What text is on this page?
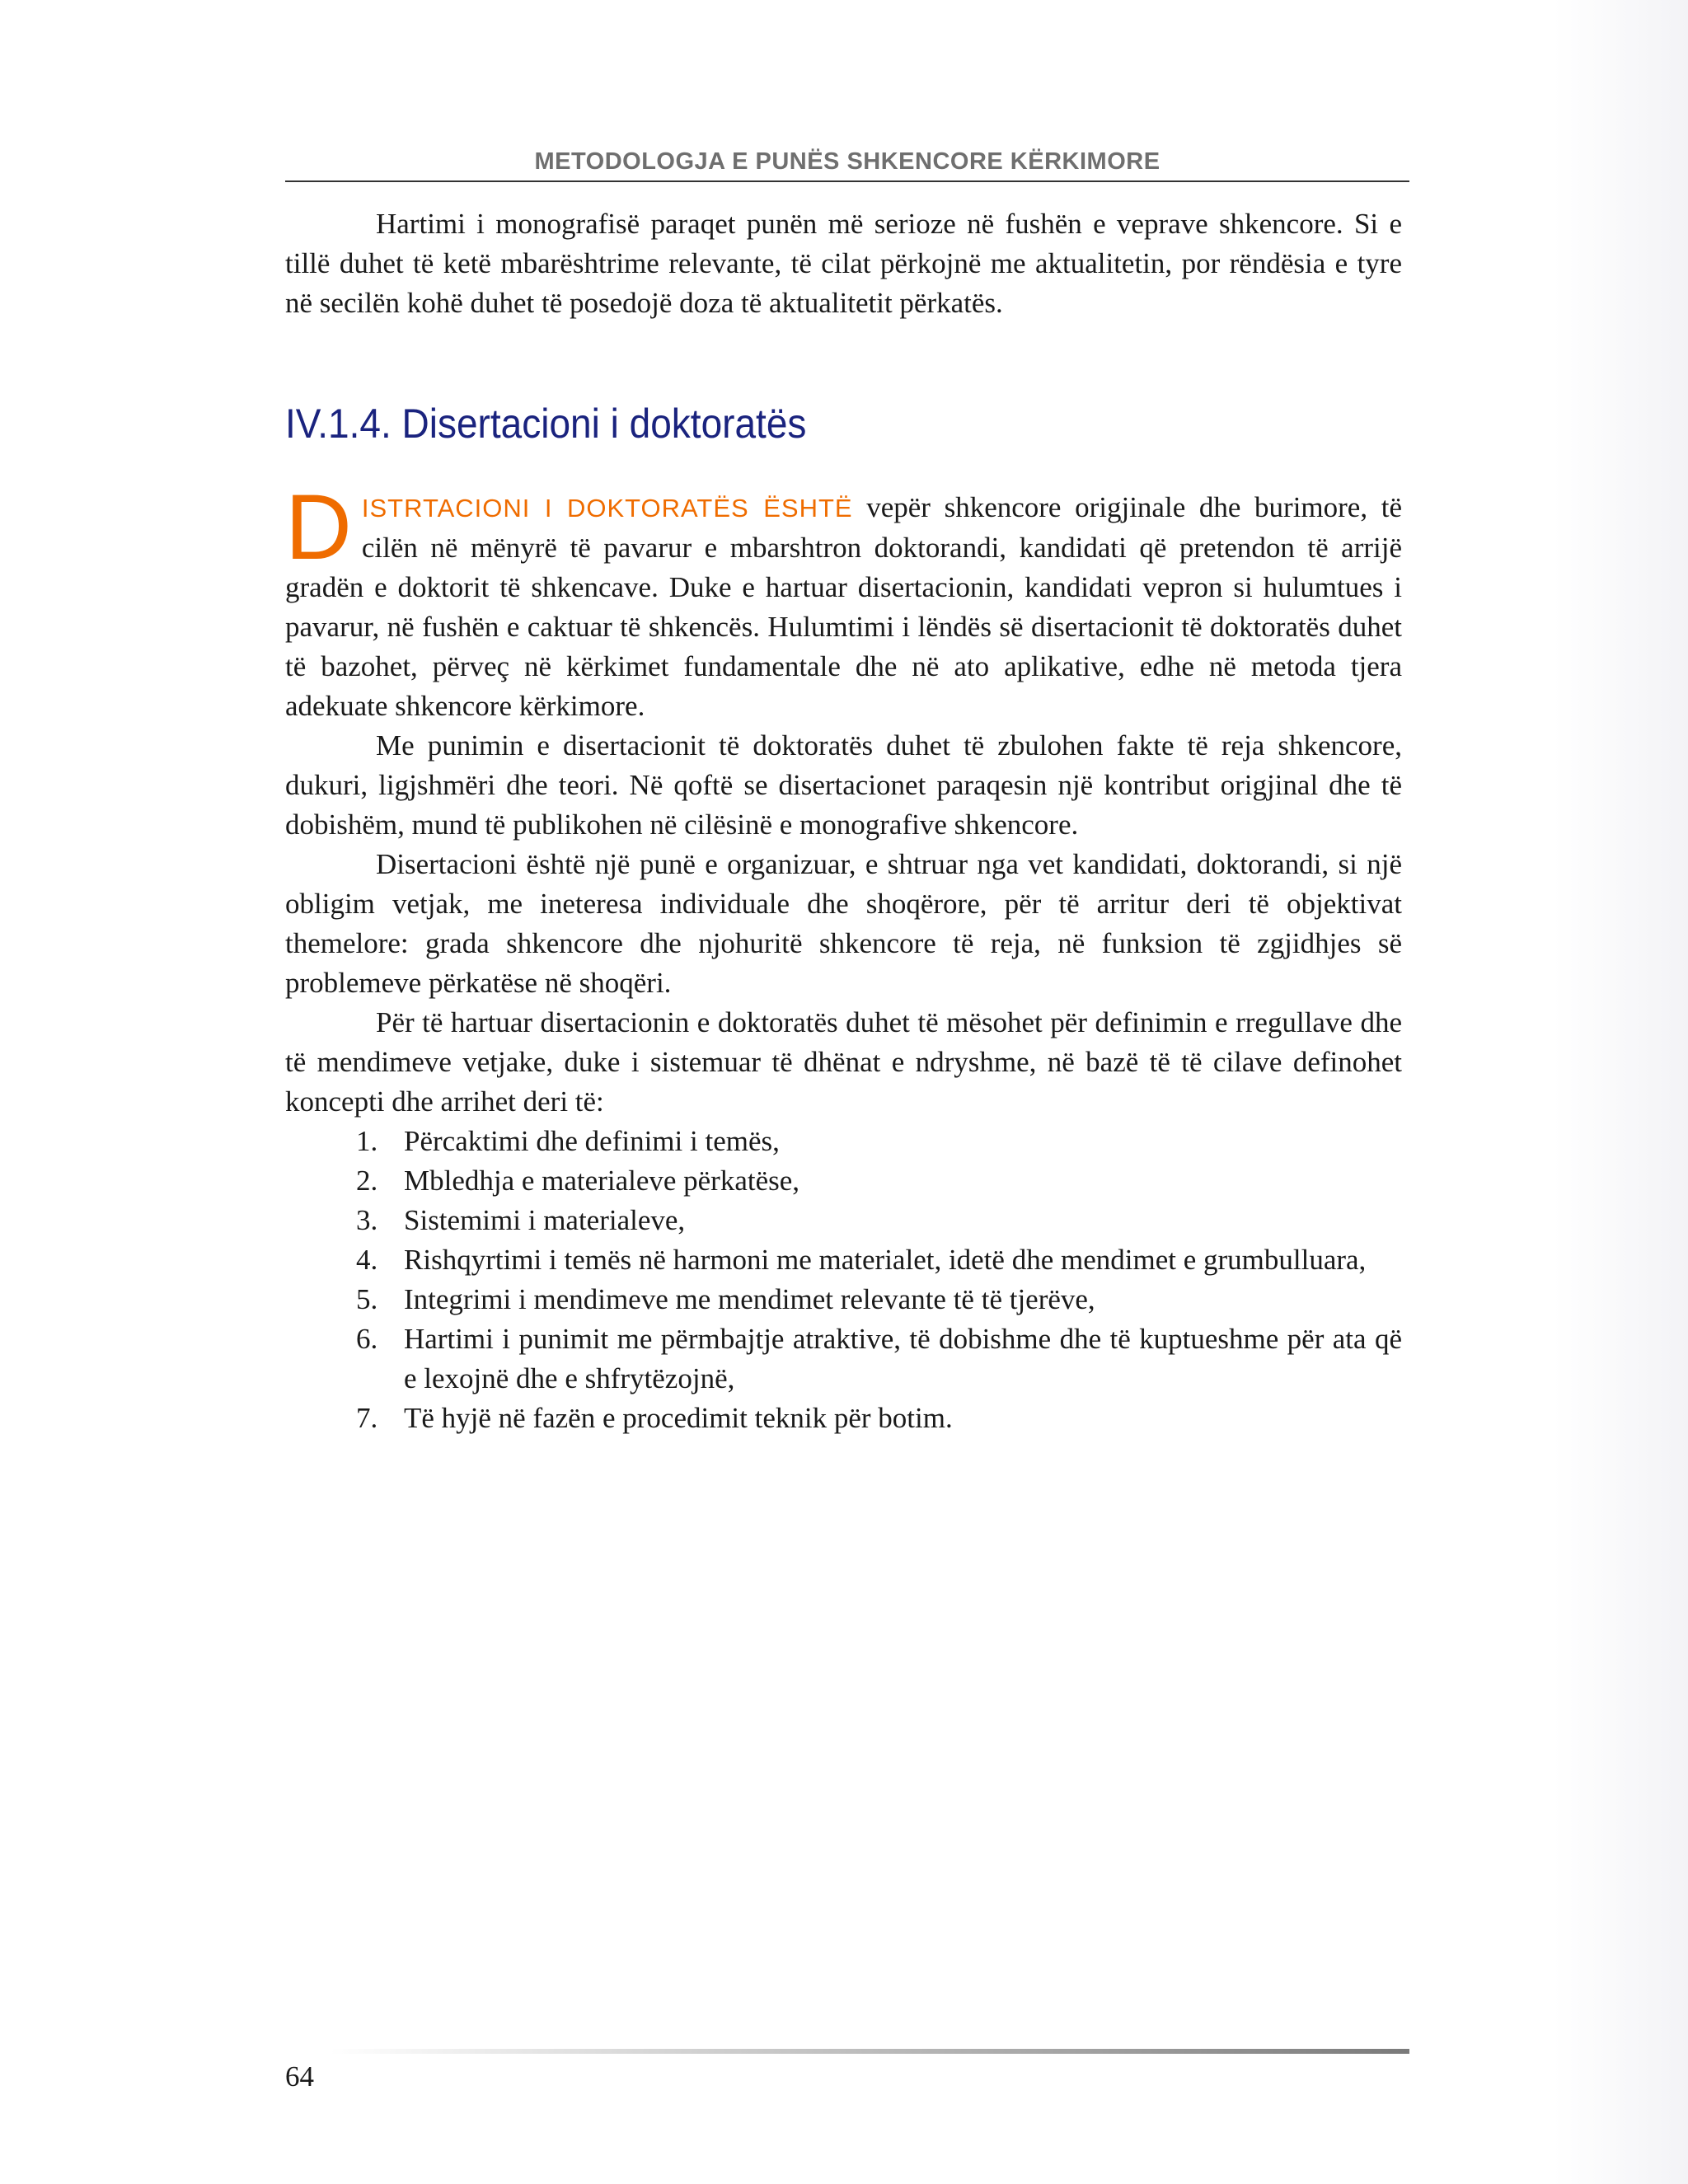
METODOLOGJA E PUNËS SHKENCORE KËRKIMORE

Hartimi i monografisë paraqet punën më serioze në fushën e veprave shkencore. Si e tillë duhet të ketë mbarështrime relevante, të cilat përkojnë me aktualitetin, por rëndësia e tyre në secilën kohë duhet të posedojë doza të aktualitetit përkatës.

IV.1.4. Disertacioni i doktoratës

DISTRTACIONI I DOKTORATËS ËSHTË vepër shkencore origjinale dhe burimore, të cilën në mënyrë të pavarur e mbarshtron doktorandi, kandidati që pretendon të arrijë gradën e doktorit të shkencave. Duke e hartuar disertacionin, kandidati vepron si hulumtues i pavarur, në fushën e caktuar të shkencës. Hulumtimi i lëndës së disertacionit të doktoratës duhet të bazohet, përveç në kërkimet fundamentale dhe në ato aplikative, edhe në metoda tjera adekuate shkencore kërkimore.

Me punimin e disertacionit të doktoratës duhet të zbulohen fakte të reja shkencore, dukuri, ligjshmëri dhe teori. Në qoftë se disertacionet paraqesin një kontribut origjinal dhe të dobishëm, mund të publikohen në cilësinë e monografive shkencore.

Disertacioni është një punë e organizuar, e shtruar nga vet kandidati, doktorandi, si një obligim vetjak, me ineteresa individuale dhe shoqërore, për të arritur deri të objektivat themelore: grada shkencore dhe njohuritë shkencore të reja, në funksion të zgjidhjes së problemeve përkatëse në shoqëri.

Për të hartuar disertacionin e doktoratës duhet të mësohet për definimin e rregullave dhe të mendimeve vetjake, duke i sistemuar të dhënat e ndryshme, në bazë të të cilave definohet koncepti dhe arrihet deri të:

1. Përcaktimi dhe definimi i temës,
2. Mbledhja e materialeve përkatëse,
3. Sistemimi i materialeve,
4. Rishqyrtimi i temës në harmoni me materialet, idetë dhe mendimet e grumbulluara,
5. Integrimi i mendimeve me mendimet relevante të të tjerëve,
6. Hartimi i punimit me përmbajtje atraktive, të dobishme dhe të kuptueshme për ata që e lexojnë dhe e shfrytëzojnë,
7. Të hyjë në fazën e procedimit teknik për botim.
64
